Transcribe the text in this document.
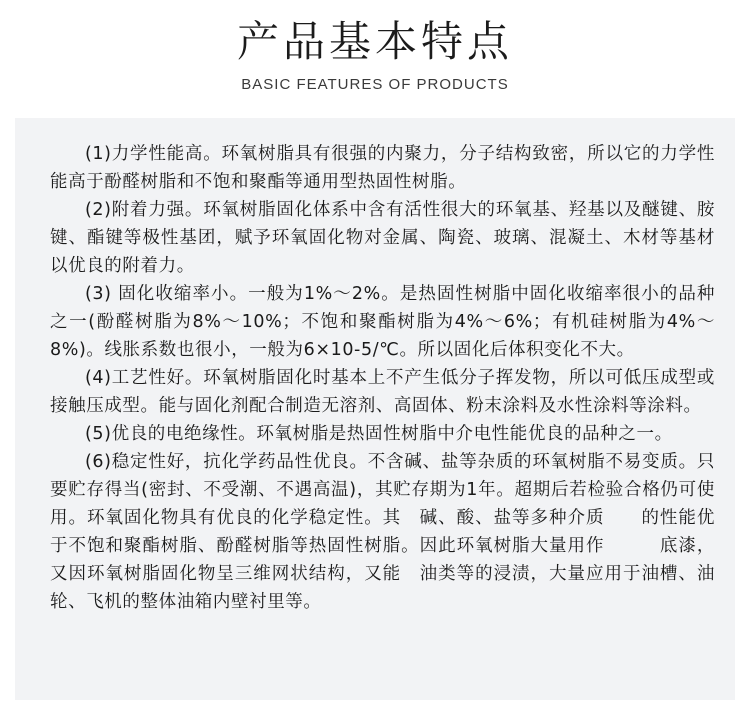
产品基本特点
BASIC FEATURES OF PRODUCTS

(1)力学性能高。环氧树脂具有很强的内聚力，分子结构致密，所以它的力学性能高于酚醛树脂和不饱和聚酯等通用型热固性树脂。

(2)附着力强。环氧树脂固化体系中含有活性很大的环氧基、羟基以及醚键、胺键、酯键等极性基团，赋予环氧固化物对金属、陶瓷、玻璃、混凝土、木材等基材以优良的附着力。

(3) 固化收缩率小。一般为1%～2%。是热固性树脂中固化收缩率很小的品种之一(酚醛树脂为8%～10%；不饱和聚酯树脂为4%～6%；有机硅树脂为4%～8%)。线胀系数也很小，一般为6×10-5/℃。所以固化后体积变化不大。

(4)工艺性好。环氧树脂固化时基本上不产生低分子挥发物，所以可低压成型或接触压成型。能与固化剂配合制造无溶剂、高固体、粉末涂料及水性涂料等涂料。

(5)优良的电绝缘性。环氧树脂是热固性树脂中介电性能优良的品种之一。

(6)稳定性好，抗化学药品性优良。不含碱、盐等杂质的环氧树脂不易变质。只要贮存得当(密封、不受潮、不遇高温)，其贮存期为1年。超期后若检验合格仍可使用。环氧固化物具有优良的化学稳定性。其　碱、酸、盐等多种介质　　的性能优于不饱和聚酯树脂、酚醛树脂等热固性树脂。因此环氧树脂大量用作　　　底漆，又因环氧树脂固化物呈三维网状结构，又能　油类等的浸渍，大量应用于油槽、油轮、飞机的整体油箱内壁衬里等。
